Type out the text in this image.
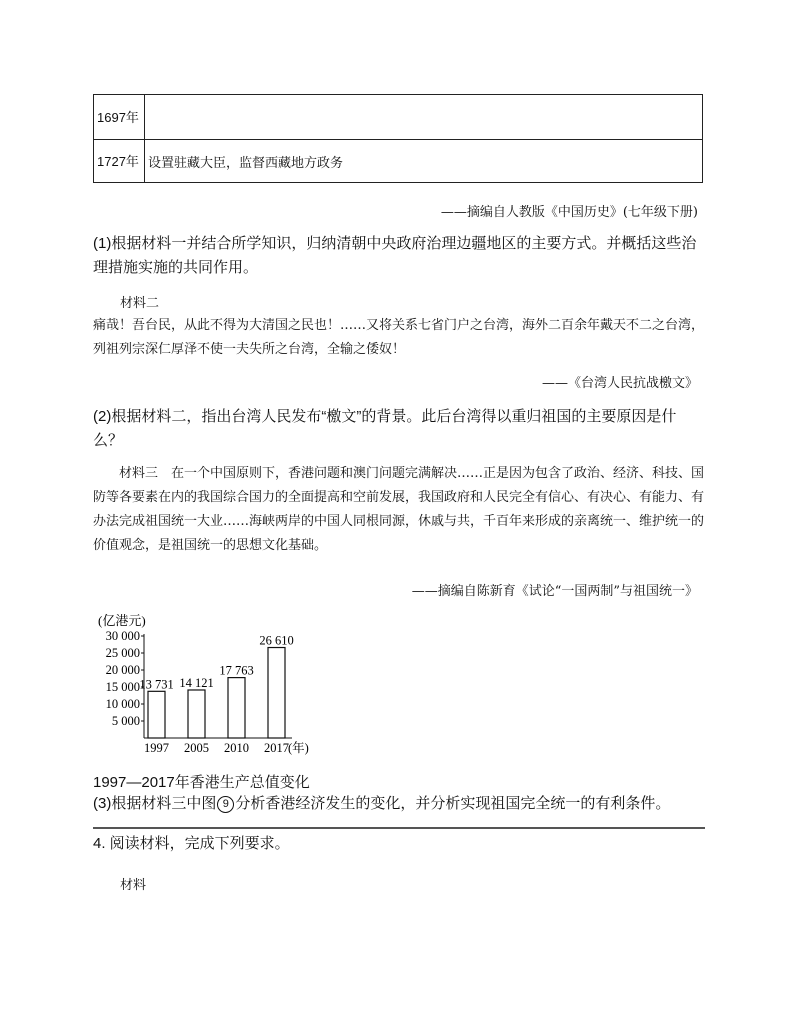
1697年	
1727年	设置驻藏大臣，监督西藏地方政务
——摘编自人教版《中国历史》(七年级下册)
(1)根据材料一并结合所学知识，归纳清朝中央政府治理边疆地区的主要方式。并概括这些治理措施实施的共同作用。
材料二
痛哉！吾台民，从此不得为大清国之民也！……又将关系七省门户之台湾，海外二百余年戴天不二之台湾，列祖列宗深仁厚泽不使一夫失所之台湾，全输之倭奴！
——《台湾人民抗战檄文》
(2)根据材料二，指出台湾人民发布“檄文”的背景。此后台湾得以重归祖国的主要原因是什么？
材料三  在一个中国原则下，香港问题和澳门问题完满解决……正是因为包含了政治、经济、科技、国防等各要素在内的我国综合国力的全面提高和空前发展，我国政府和人民完全有信心、有决心、有能力、有办法完成祖国统一大业……海峡两岸的中国人同根同源，休戚与共，千百年来形成的亲离统一、维护统一的价值观念，是祖国统一的思想文化基础。
——摘编自陈新育《试论“一国两制”与祖国统一》
(亿港元)
5 000
10 000
15 000
20 000
25 000
30 000
13 731 14 121
17 763
26 610
1997 2005 2010 2017 (年)
1997—2017年香港生产总值变化
(3)根据材料三中图 9 分析香港经济发生的变化，并分析实现祖国完全统一的有利条件。
4. 阅读材料，完成下列要求。
材料
